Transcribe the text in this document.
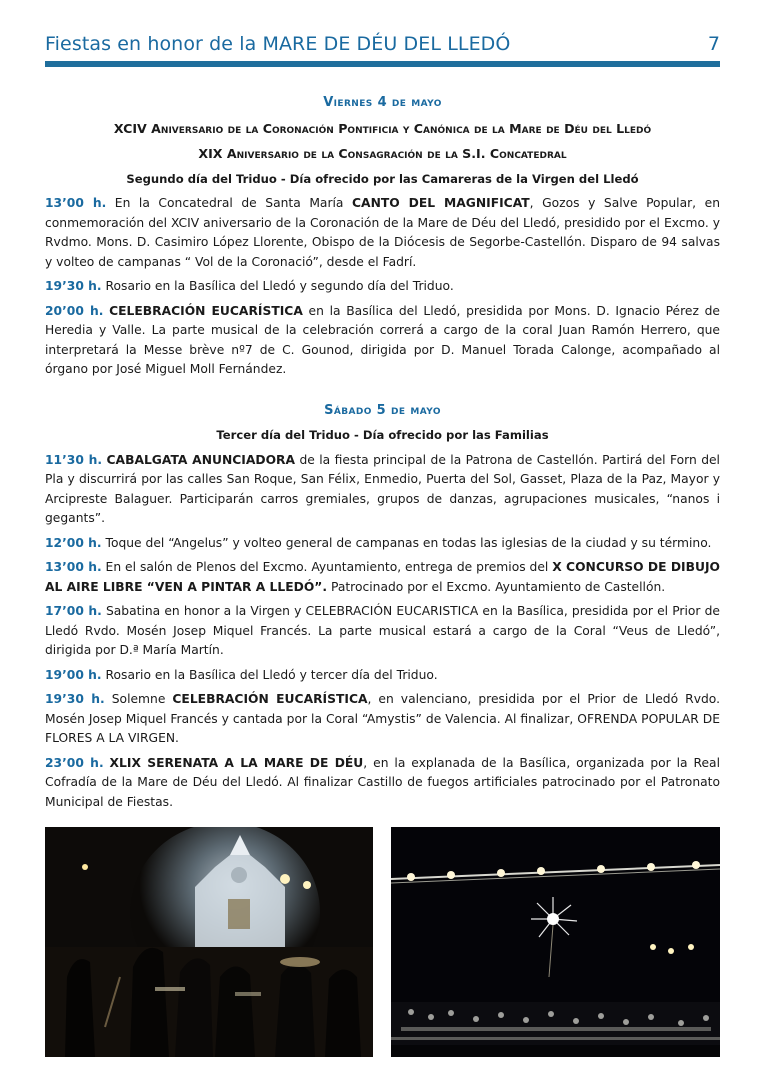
Fiestas en honor de la MARE DE DÉU DEL LLEDÓ	7
Viernes 4 de mayo
XCIV Aniversario de la Coronación Pontificia y Canónica de la Mare de Déu del Lledó
XIX Aniversario de la Consagración de la S.I. Concatedral
Segundo día del Triduo - Día ofrecido por las Camareras de la Virgen del Lledó

13’00 h. En la Concatedral de Santa María CANTO DEL MAGNIFICAT, Gozos y Salve Popular, en conmemoración del XCIV aniversario de la Coronación de la Mare de Déu del Lledó, presidido por el Excmo. y Rvdmo. Mons. D. Casimiro López Llorente, Obispo de la Diócesis de Segorbe-Castellón. Disparo de 94 salvas y volteo de campanas “ Vol de la Coronació”, desde el Fadrí.

19’30 h. Rosario en la Basílica del Lledó y segundo día del Triduo.

20’00 h. CELEBRACIÓN EUCARÍSTICA en la Basílica del Lledó, presidida por Mons. D. Ignacio Pérez de Heredia y Valle. La parte musical de la celebración correrá a cargo de la coral Juan Ramón Herrero, que interpretará la Messe brève nº7 de C. Gounod, dirigida por D. Manuel Torada Calonge, acompañado al órgano por José Miguel Moll Fernández.

Sábado 5 de mayo
Tercer día del Triduo - Día ofrecido por las Familias

11’30 h. CABALGATA ANUNCIADORA de la fiesta principal de la Patrona de Castellón. Partirá del Forn del Pla y discurrirá por las calles San Roque, San Félix, Enmedio, Puerta del Sol, Gasset, Plaza de la Paz, Mayor y Arcipreste Balaguer. Participarán carros gremiales, grupos de danzas, agrupaciones musicales, “nanos i gegants”.

12’00 h. Toque del “Angelus” y volteo general de campanas en todas las iglesias de la ciudad y su término.

13’00 h. En el salón de Plenos del Excmo. Ayuntamiento, entrega de premios del X CONCURSO DE DIBUJO AL AIRE LIBRE “VEN A PINTAR A LLEDÓ”. Patrocinado por el Excmo. Ayuntamiento de Castellón.

17’00 h. Sabatina en honor a la Virgen y CELEBRACIÓN EUCARISTICA en la Basílica, presidida por el Prior de Lledó Rvdo. Mosén Josep Miquel Francés. La parte musical estará a cargo de la Coral “Veus de Lledó”, dirigida por D.ª María Martín.

19’00 h. Rosario en la Basílica del Lledó y tercer día del Triduo.

19’30 h. Solemne CELEBRACIÓN EUCARÍSTICA, en valenciano, presidida por el Prior de Lledó Rvdo. Mosén Josep Miquel Francés y cantada por la Coral “Amystis” de Valencia. Al finalizar, OFRENDA POPULAR DE FLORES A LA VIRGEN.

23’00 h. XLIX SERENATA A LA MARE DE DÉU, en la explanada de la Basílica, organizada por la Real Cofradía de la Mare de Déu del Lledó. Al finalizar Castillo de fuegos artificiales patrocinado por el Patronato Municipal de Fiestas.
